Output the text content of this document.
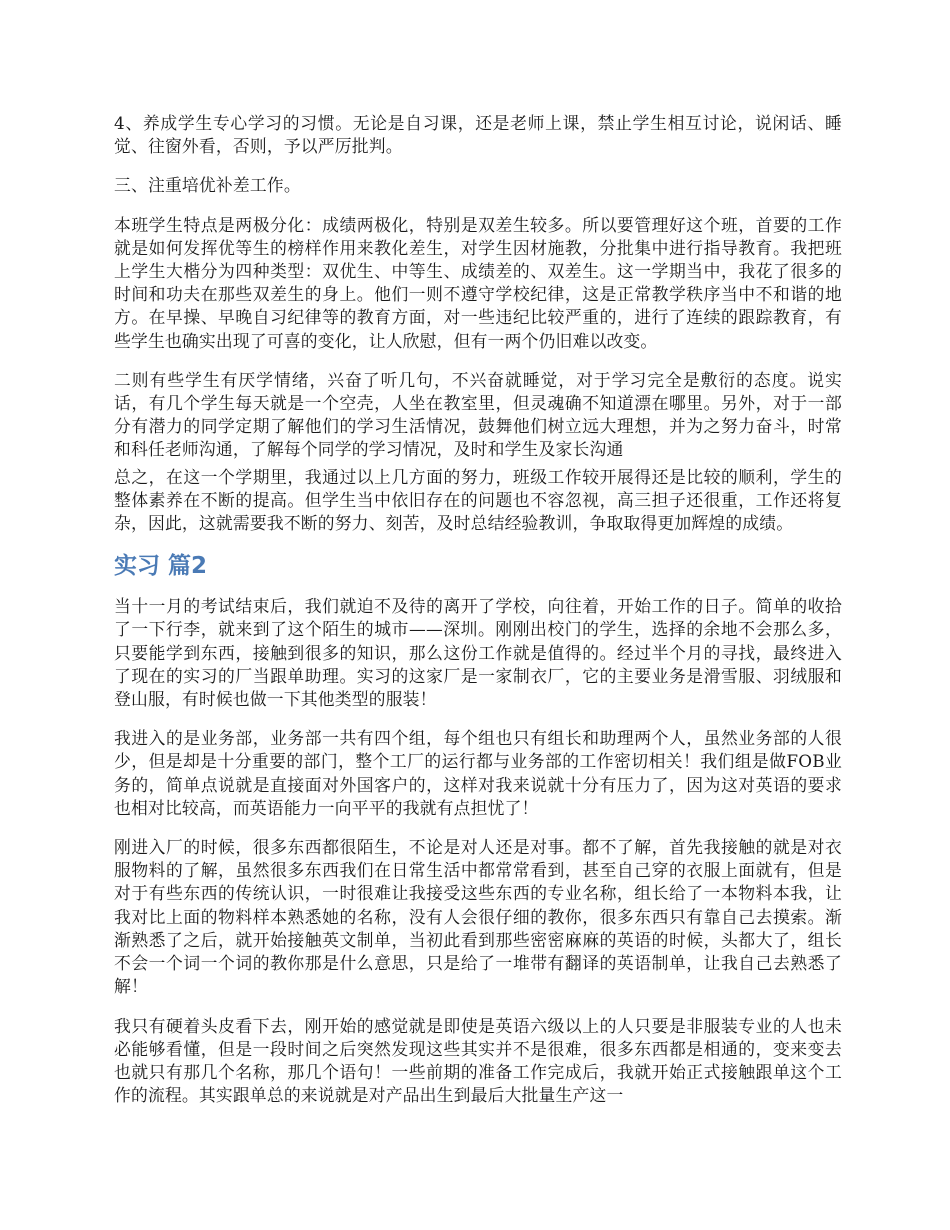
4、养成学生专心学习的习惯。无论是自习课，还是老师上课，禁止学生相互讨论，说闲话、睡觉、往窗外看，否则，予以严厉批判。

三、注重培优补差工作。

本班学生特点是两极分化：成绩两极化，特别是双差生较多。所以要管理好这个班，首要的工作就是如何发挥优等生的榜样作用来教化差生，对学生因材施教，分批集中进行指导教育。我把班上学生大楷分为四种类型：双优生、中等生、成绩差的、双差生。这一学期当中，我花了很多的时间和功夫在那些双差生的身上。他们一则不遵守学校纪律，这是正常教学秩序当中不和谐的地方。在早操、早晚自习纪律等的教育方面，对一些违纪比较严重的，进行了连续的跟踪教育，有些学生也确实出现了可喜的变化，让人欣慰，但有一两个仍旧难以改变。

二则有些学生有厌学情绪，兴奋了听几句，不兴奋就睡觉，对于学习完全是敷衍的态度。说实话，有几个学生每天就是一个空壳，人坐在教室里，但灵魂确不知道漂在哪里。另外，对于一部分有潜力的同学定期了解他们的学习生活情况，鼓舞他们树立远大理想，并为之努力奋斗，时常和科任老师沟通，了解每个同学的学习情况，及时和学生及家长沟通

总之，在这一个学期里，我通过以上几方面的努力，班级工作较开展得还是比较的顺利，学生的整体素养在不断的提高。但学生当中依旧存在的问题也不容忽视，高三担子还很重，工作还将复杂，因此，这就需要我不断的努力、刻苦，及时总结经验教训，争取取得更加辉煌的成绩。

实习 篇2

当十一月的考试结束后，我们就迫不及待的离开了学校，向往着，开始工作的日子。简单的收拾了一下行李，就来到了这个陌生的城市——深圳。刚刚出校门的学生，选择的余地不会那么多，只要能学到东西，接触到很多的知识，那么这份工作就是值得的。经过半个月的寻找，最终进入了现在的实习的厂当跟单助理。实习的这家厂是一家制衣厂，它的主要业务是滑雪服、羽绒服和登山服，有时候也做一下其他类型的服装！

我进入的是业务部，业务部一共有四个组，每个组也只有组长和助理两个人，虽然业务部的人很少，但是却是十分重要的部门，整个工厂的运行都与业务部的工作密切相关！我们组是做FOB业务的，简单点说就是直接面对外国客户的，这样对我来说就十分有压力了，因为这对英语的要求也相对比较高，而英语能力一向平平的我就有点担忧了！

刚进入厂的时候，很多东西都很陌生，不论是对人还是对事。都不了解，首先我接触的就是对衣服物料的了解，虽然很多东西我们在日常生活中都常常看到，甚至自己穿的衣服上面就有，但是对于有些东西的传统认识，一时很难让我接受这些东西的专业名称，组长给了一本物料本我，让我对比上面的物料样本熟悉她的名称，没有人会很仔细的教你，很多东西只有靠自己去摸索。渐渐熟悉了之后，就开始接触英文制单，当初此看到那些密密麻麻的英语的时候，头都大了，组长不会一个词一个词的教你那是什么意思，只是给了一堆带有翻译的英语制单，让我自己去熟悉了解！

我只有硬着头皮看下去，刚开始的感觉就是即使是英语六级以上的人只要是非服装专业的人也未必能够看懂，但是一段时间之后突然发现这些其实并不是很难，很多东西都是相通的，变来变去也就只有那几个名称，那几个语句！一些前期的准备工作完成后，我就开始正式接触跟单这个工作的流程。其实跟单总的来说就是对产品出生到最后大批量生产这一
